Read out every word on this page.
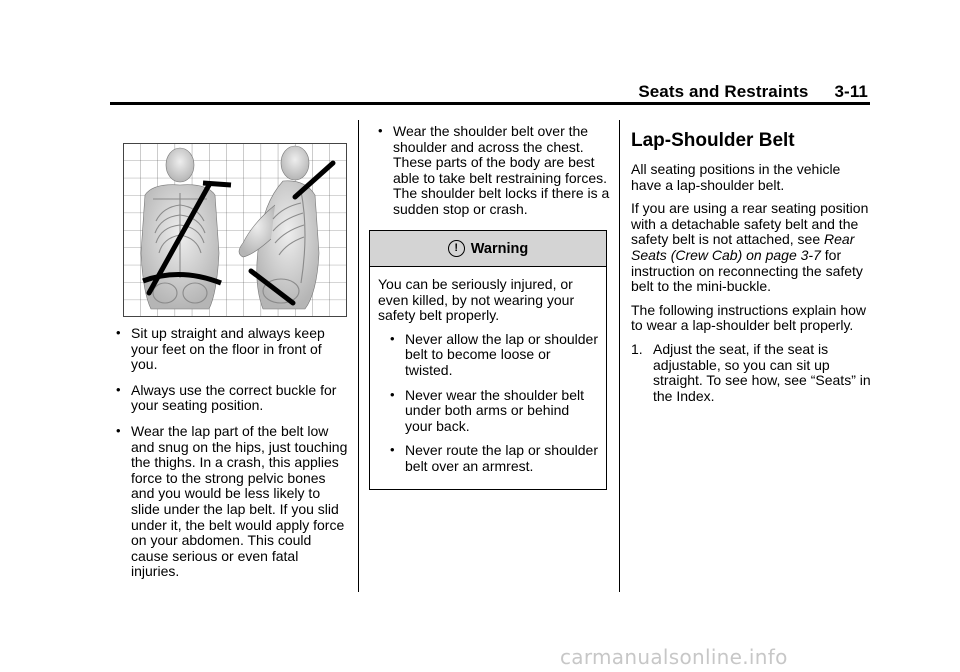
Seats and Restraints 3-11
• Sit up straight and always keep your feet on the floor in front of you.
• Always use the correct buckle for your seating position.
• Wear the lap part of the belt low and snug on the hips, just touching the thighs. In a crash, this applies force to the strong pelvic bones and you would be less likely to slide under the lap belt. If you slid under it, the belt would apply force on your abdomen. This could cause serious or even fatal injuries.
• Wear the shoulder belt over the shoulder and across the chest. These parts of the body are best able to take belt restraining forces. The shoulder belt locks if there is a sudden stop or crash.
! Warning
You can be seriously injured, or even killed, by not wearing your safety belt properly.
• Never allow the lap or shoulder belt to become loose or twisted.
• Never wear the shoulder belt under both arms or behind your back.
• Never route the lap or shoulder belt over an armrest.
Lap-Shoulder Belt

All seating positions in the vehicle have a lap-shoulder belt.

If you are using a rear seating position with a detachable safety belt and the safety belt is not attached, see Rear Seats (Crew Cab) on page 3-7 for instruction on reconnecting the safety belt to the mini-buckle.

The following instructions explain how to wear a lap-shoulder belt properly.

1. Adjust the seat, if the seat is adjustable, so you can sit up straight. To see how, see “Seats” in the Index.
carmanualsonline.info
